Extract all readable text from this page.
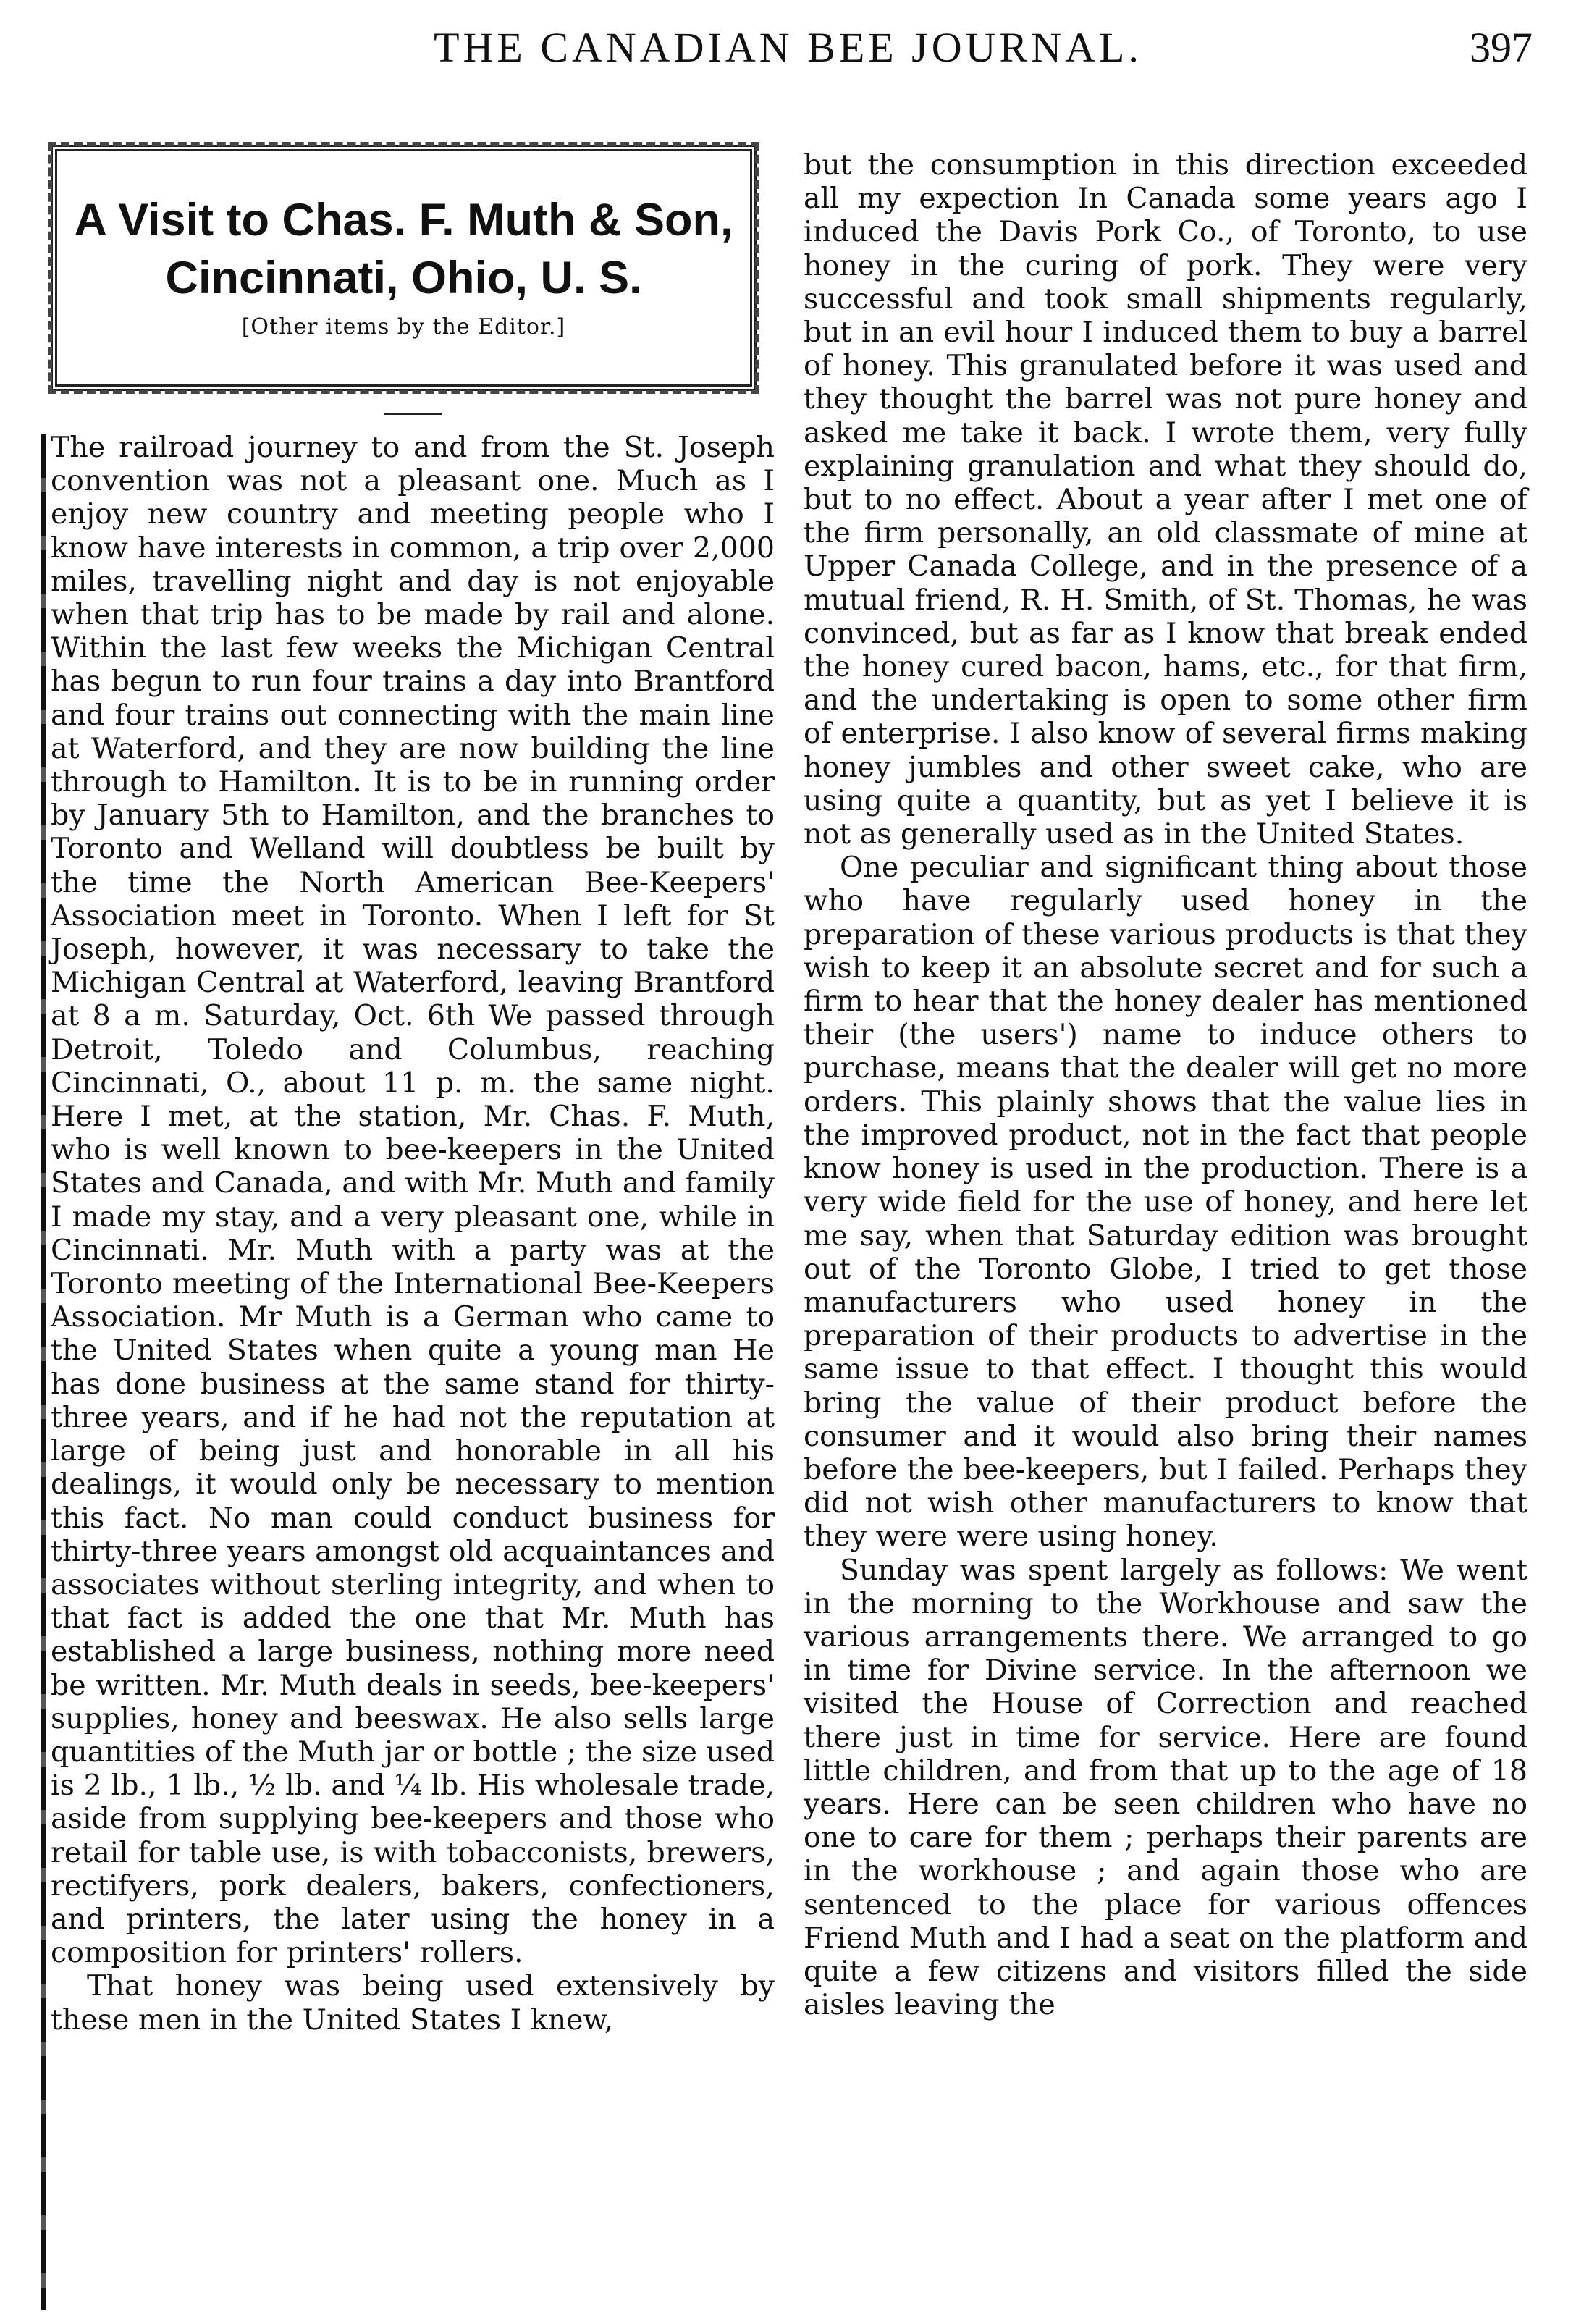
THE CANADIAN BEE JOURNAL.	397
A Visit to Chas. F. Muth & Son,
Cincinnati, Ohio, U. S.
[Other items by the Editor.]

The railroad journey to and from the St. Joseph convention was not a pleasant one. Much as I enjoy new country and meeting people who I know have interests in common, a trip over 2,000 miles, travelling night and day is not enjoyable when that trip has to be made by rail and alone. Within the last few weeks the Michigan Central has begun to run four trains a day into Brantford and four trains out connecting with the main line at Waterford, and they are now building the line through to Hamilton. It is to be in running order by January 5th to Hamilton, and the branches to Toronto and Welland will doubtless be built by the time the North American Bee-Keepers' Association meet in Toronto. When I left for St Joseph, however, it was necessary to take the Michigan Central at Waterford, leaving Brantford at 8 a m. Saturday, Oct. 6th We passed through Detroit, Toledo and Columbus, reaching Cincinnati, O., about 11 p. m. the same night. Here I met, at the station, Mr. Chas. F. Muth, who is well known to bee-keepers in the United States and Canada, and with Mr. Muth and family I made my stay, and a very pleasant one, while in Cincinnati. Mr. Muth with a party was at the Toronto meeting of the International Bee-Keepers Association. Mr Muth is a German who came to the United States when quite a young man He has done business at the same stand for thirty-three years, and if he had not the reputation at large of being just and honorable in all his dealings, it would only be necessary to mention this fact. No man could conduct business for thirty-three years amongst old acquaintances and associates without sterling integrity, and when to that fact is added the one that Mr. Muth has established a large business, nothing more need be written. Mr. Muth deals in seeds, bee-keepers' supplies, honey and beeswax. He also sells large quantities of the Muth jar or bottle ; the size used is 2 lb., 1 lb., ½ lb. and ¼ lb. His wholesale trade, aside from supplying bee-keepers and those who retail for table use, is with tobacconists, brewers, rectifyers, pork dealers, bakers, confectioners, and printers, the later using the honey in a composition for printers' rollers.

That honey was being used extensively by these men in the United States I knew,

but the consumption in this direction exceeded all my expection In Canada some years ago I induced the Davis Pork Co., of Toronto, to use honey in the curing of pork. They were very successful and took small shipments regularly, but in an evil hour I induced them to buy a barrel of honey. This granulated before it was used and they thought the barrel was not pure honey and asked me take it back. I wrote them, very fully explaining granulation and what they should do, but to no effect. About a year after I met one of the firm personally, an old classmate of mine at Upper Canada College, and in the presence of a mutual friend, R. H. Smith, of St. Thomas, he was convinced, but as far as I know that break ended the honey cured bacon, hams, etc., for that firm, and the undertaking is open to some other firm of enterprise. I also know of several firms making honey jumbles and other sweet cake, who are using quite a quantity, but as yet I believe it is not as generally used as in the United States.

One peculiar and significant thing about those who have regularly used honey in the preparation of these various products is that they wish to keep it an absolute secret and for such a firm to hear that the honey dealer has mentioned their (the users') name to induce others to purchase, means that the dealer will get no more orders. This plainly shows that the value lies in the improved product, not in the fact that people know honey is used in the production. There is a very wide field for the use of honey, and here let me say, when that Saturday edition was brought out of the Toronto Globe, I tried to get those manufacturers who used honey in the preparation of their products to advertise in the same issue to that effect. I thought this would bring the value of their product before the consumer and it would also bring their names before the bee-keepers, but I failed. Perhaps they did not wish other manufacturers to know that they were were using honey.

Sunday was spent largely as follows: We went in the morning to the Workhouse and saw the various arrangements there. We arranged to go in time for Divine service. In the afternoon we visited the House of Correction and reached there just in time for service. Here are found little children, and from that up to the age of 18 years. Here can be seen children who have no one to care for them ; perhaps their parents are in the workhouse ; and again those who are sentenced to the place for various offences Friend Muth and I had a seat on the platform and quite a few citizens and visitors filled the side aisles leaving the
